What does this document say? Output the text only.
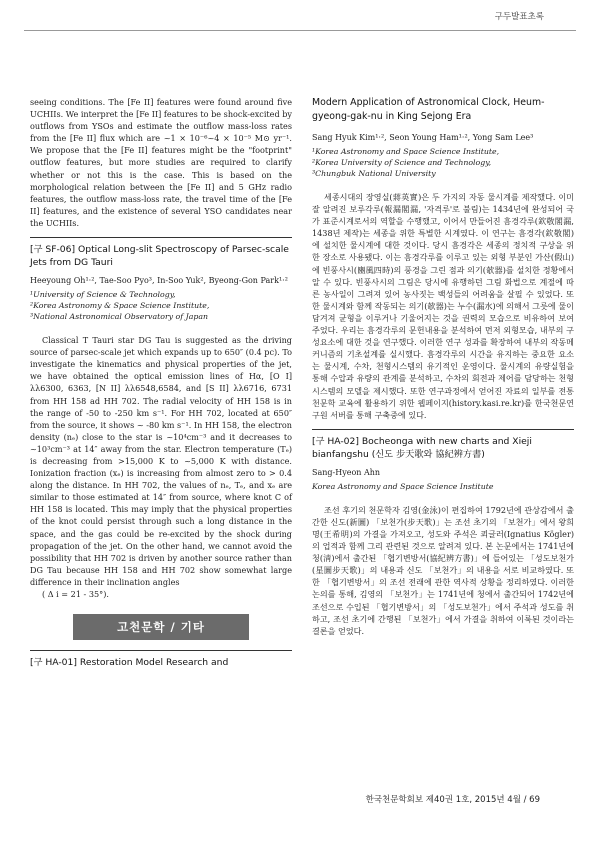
구두발표초록

seeing conditions. The [Fe II] features were found around five UCHIIs. We interpret the [Fe II] features to be shock-excited by outflows from YSOs and estimate the outflow mass-loss rates from the [Fe II] flux which are ~1 × 10⁻⁶~4 × 10⁻⁵ M⊙ yr⁻¹. We propose that the [Fe II] features might be the "footprint" outflow features, but more studies are required to clarify whether or not this is the case. This is based on the morphological relation between the [Fe II] and 5 GHz radio features, the outflow mass-loss rate, the travel time of the [Fe II] features, and the existence of several YSO candidates near the UCHIIs.

[구 SF-06] Optical Long-slit Spectroscopy of Parsec-scale Jets from DG Tauri
Heeyoung Oh¹·², Tae-Soo Pyo³, In-Soo Yuk², Byeong-Gon Park¹·²
¹University of Science & Technology,
²Korea Astronomy & Space Science Institute,
³National Astronomical Observatory of Japan

Classical T Tauri star DG Tau is suggested as the driving source of parsec-scale jet which expands up to 650″ (0.4 pc). To investigate the kinematics and physical properties of the jet, we have obtained the optical emission lines of Hα, [O I] λλ6300, 6363, [N II] λλ6548,6584, and [S II] λλ6716, 6731 from HH 158 ad HH 702. The radial velocity of HH 158 is in the range of -50 to -250 km s⁻¹. For HH 702, located at 650″ from the source, it shows ~ -80 km s⁻¹. In HH 158, the electron density (nₑ) close to the star is ~10⁴cm⁻³ and it decreases to ~10³cm⁻³ at 14″ away from the star. Electron temperature (Tₑ) is decreasing from >15,000 K to ~5,000 K with distance. Ionization fraction (xₑ) is increasing from almost zero to > 0.4 along the distance. In HH 702, the values of nₑ, Tₑ, and xₑ are similar to those estimated at 14″ from source, where knot C of HH 158 is located. This may imply that the physical properties of the knot could persist through such a long distance in the space, and the gas could be re-excited by the shock during propagation of the jet. On the other hand, we cannot avoid the possibility that HH 702 is driven by another source rather than DG Tau because HH 158 and HH 702 show somewhat large difference in their inclination angles

( Δ i = 21 - 35°).

고천문학 / 기타
[구 HA-01] Restoration Model Research and
Modern Application of Astronomical Clock, Heum-gyeong-gak-nu in King Sejong Era
Sang Hyuk Kim¹·², Seon Young Ham¹·², Yong Sam Lee³
¹Korea Astronomy and Space Science Institute,
²Korea University of Science and Technology,
³Chungbuk National University

세종시대의 장영실(蔣英實)은 두 가지의 자동 물시계를 제작했다. 이미 잘 알려진 보루각루(報漏閣漏, '자격루'로 불림)는 1434년에 완성되어 국가 표준시계로서의 역할을 수행했고, 이어서 만들어진 흠경각루(欽敬閣漏, 1438년 제작)는 세종을 위한 특별한 시계였다. 이 연구는 흠경각(欽敬閣)에 설치한 물시계에 대한 것이다. 당시 흠경각은 세종의 정치적 구상을 위한 장소로 사용됐다. 이는 흠경각루를 이루고 있는 외형 부분인 가산(假山)에 빈풍사시(豳風四時)의 풍경을 그린 점과 의기(欹器)를 설치한 정황에서 알 수 있다. 빈풍사시의 그림은 당시에 유행하던 그림 화법으로 계절에 따른 농사일이 그려져 있어 농사짓는 백성들의 어려움을 살필 수 있었다. 또한 물시계와 함께 작동되는 의기(欹器)는 누수(漏水)에 의해서 그릇에 물이 담겨져 균형을 이루거나 기울어지는 것을 권력의 모습으로 비유하여 보여주었다. 우리는 흠경각루의 문헌내용을 분석하여 먼저 외형모습, 내부의 구성요소에 대한 것을 연구했다. 이러한 연구 성과를 확장하여 내부의 작동메커니즘의 기초설계를 실시했다. 흠경각루의 시간을 유지하는 중요한 요소는 물시계, 수차, 천형시스템의 유기적인 운영이다. 물시계의 유량실험을 통해 수압과 유량의 관계를 분석하고, 수차의 회전과 제어를 담당하는 천형시스템의 모델을 제시했다. 또한 연구과정에서 얻어진 자료의 일부를 전통천문학 교육에 활용하기 위한 웹페이지(history.kasi.re.kr)를 한국천문연구원 서버를 통해 구축중에 있다.

[구 HA-02] Bocheonga with new charts and Xieji bianfangshu (신도 步天歌와 協紀辨方書)
Sang-Hyeon Ahn
Korea Astronomy and Space Science Institute

조선 후기의 천문학자 김영(金泳)이 편집하여 1792년에 관상감에서 출간한 신도(新圖) 「보천가(步天歌)」는 조선 초기의 「보천가」에서 왕희명(王希明)의 가결을 가져오고, 성도와 주석은 쾨글러(Ignatius Kögler)의 업적과 함께 그리 관련된 것으로 알려져 있다. 본 논문에서는 1741년에 청(淸)에서 출간된 「협기변방서(協紀辨方書)」에 들어있는 「성도보천가(星圖步天歌)」의 내용과 신도 「보천가」의 내용을 서로 비교하였다. 또한 「협기변방서」의 조선 전래에 관한 역사적 상황을 정리하였다. 이러한 논의를 통해, 김영의 「보천가」는 1741년에 청에서 출간되어 1742년에 조선으로 수입된 「협기변방서」의 「성도보천가」에서 주석과 성도를 취하고, 조선 초기에 간행된 「보천가」에서 가결을 취하여 이룩된 것이라는 결론을 얻었다.

한국천문학회보 제40권 1호, 2015년 4월 / 69
